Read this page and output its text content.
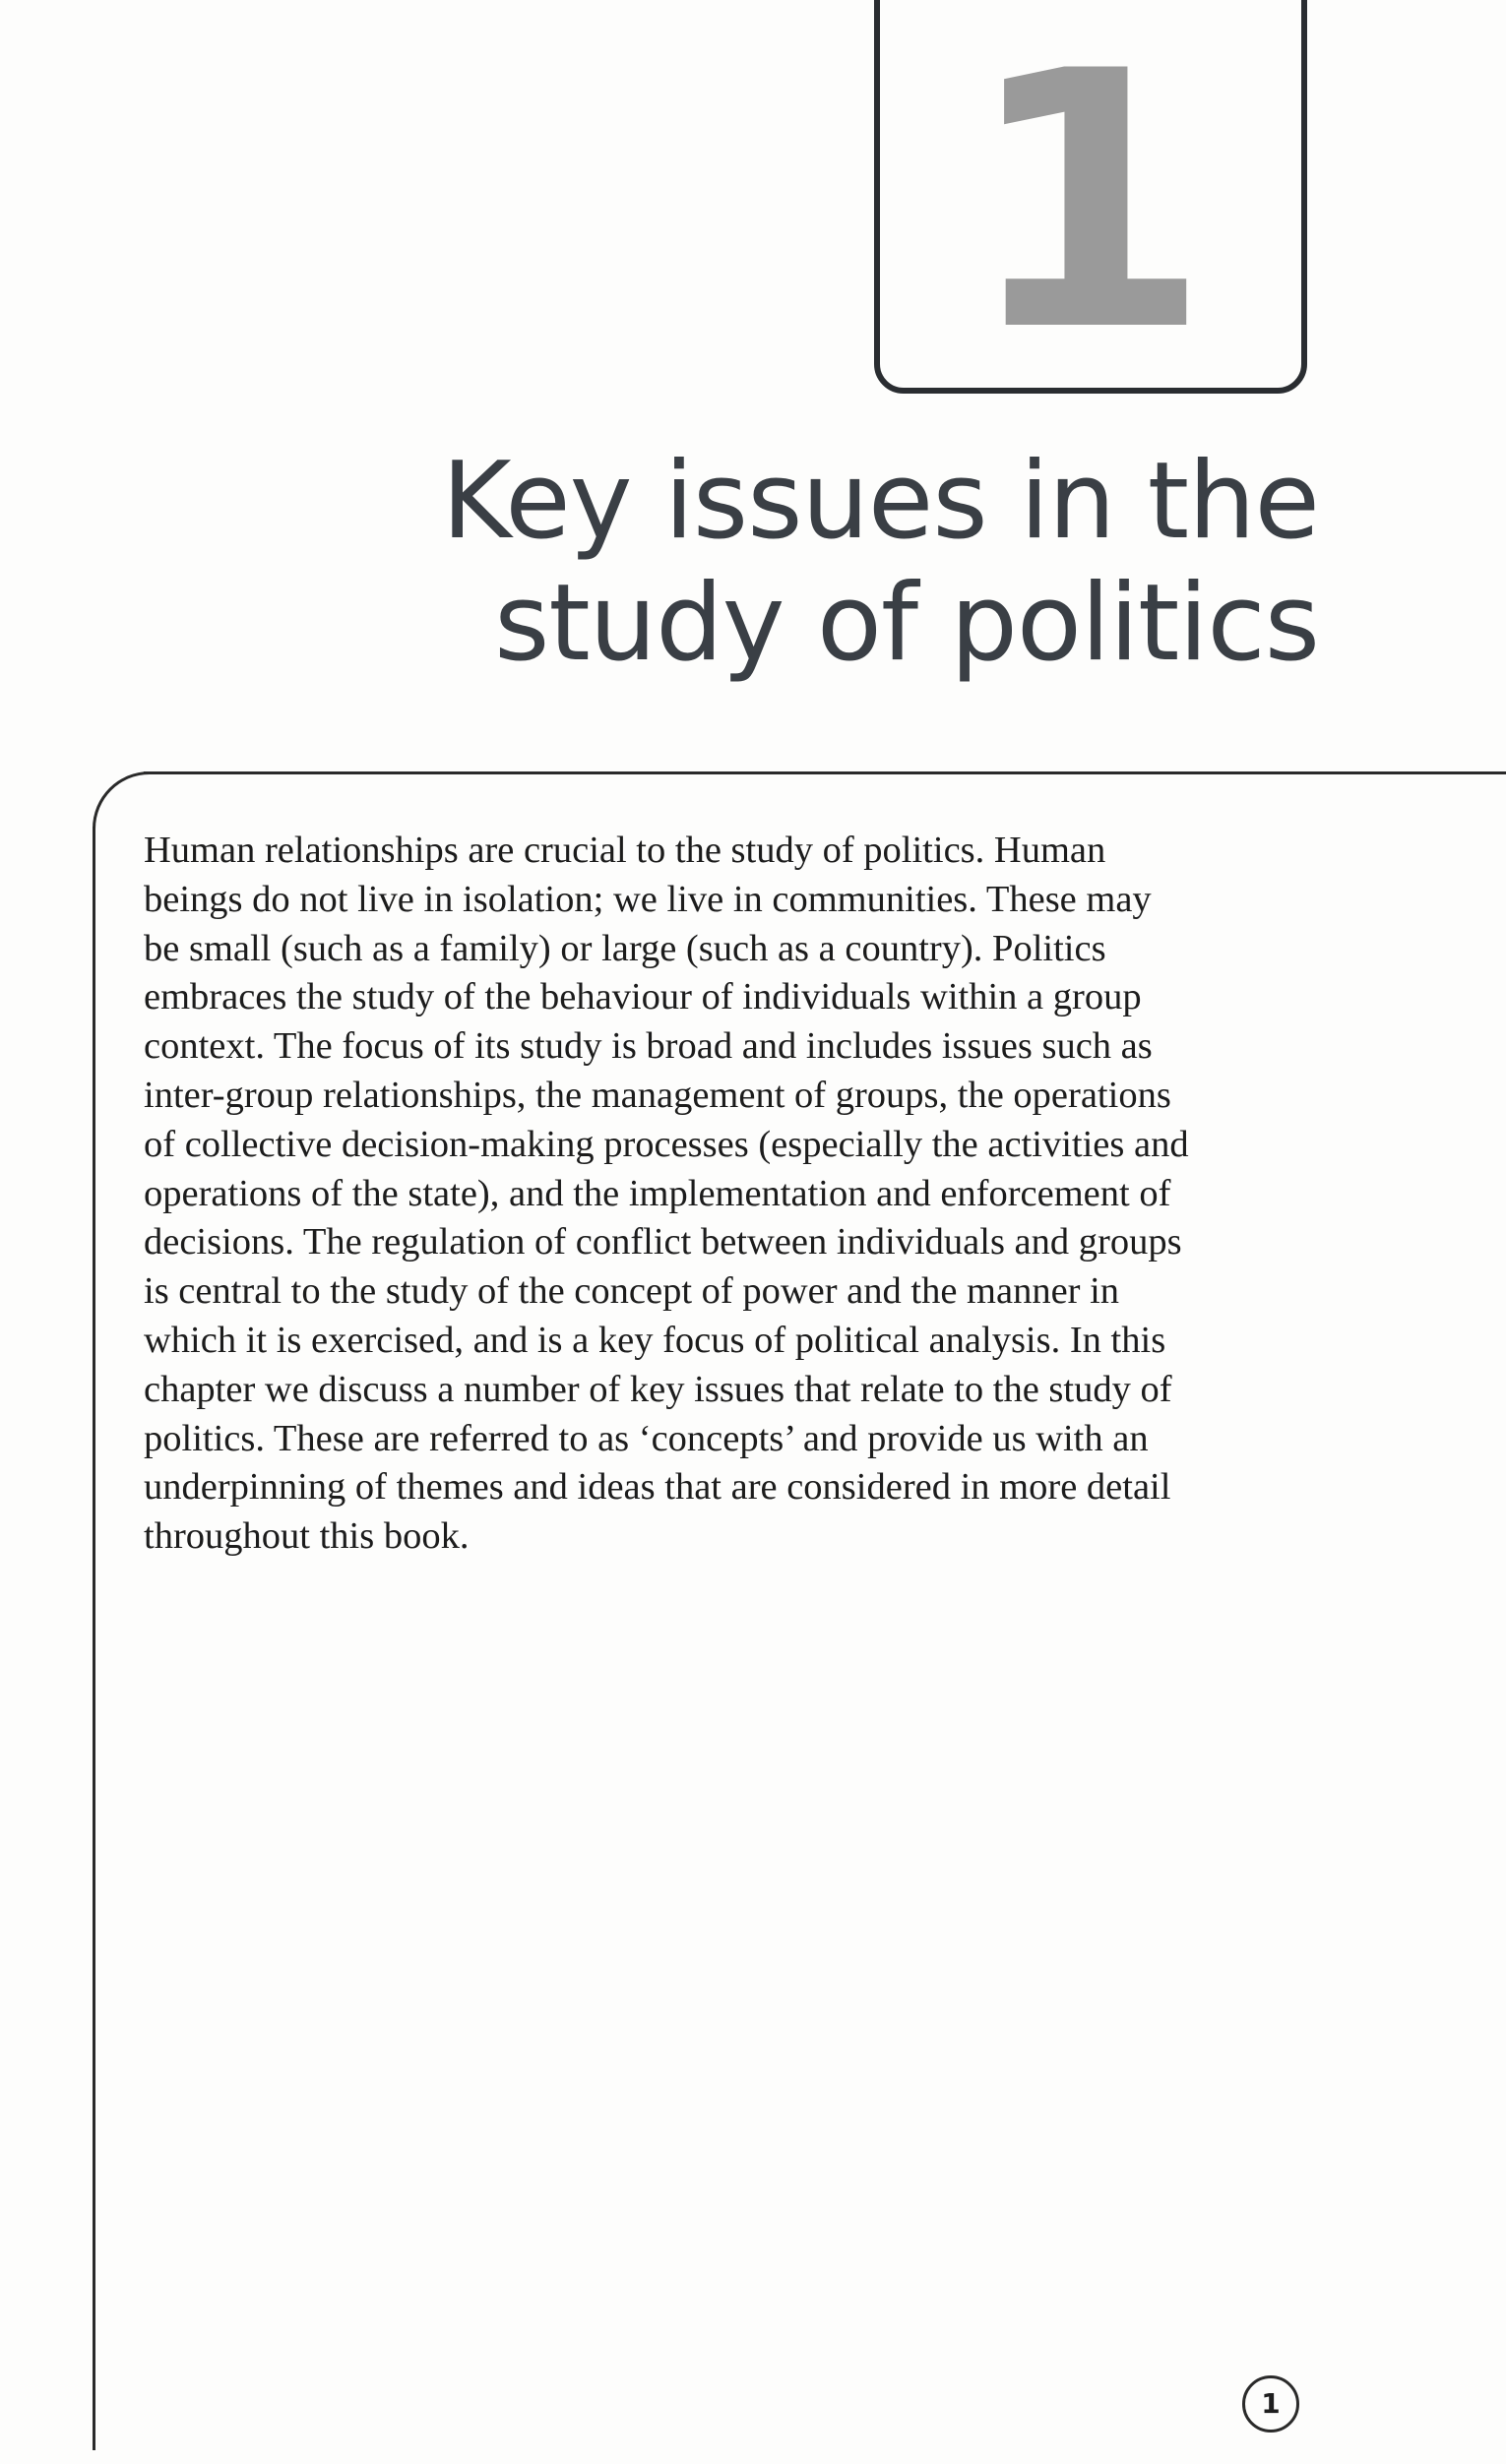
1
Key issues in the
study of politics

Human relationships are crucial to the study of politics. Human
beings do not live in isolation; we live in communities. These may
be small (such as a family) or large (such as a country). Politics
embraces the study of the behaviour of individuals within a group
context. The focus of its study is broad and includes issues such as
inter-group relationships, the management of groups, the operations
of collective decision-making processes (especially the activities and
operations of the state), and the implementation and enforcement of
decisions. The regulation of conflict between individuals and groups
is central to the study of the concept of power and the manner in
which it is exercised, and is a key focus of political analysis. In this
chapter we discuss a number of key issues that relate to the study of
politics. These are referred to as ‘concepts’ and provide us with an
underpinning of themes and ideas that are considered in more detail
throughout this book.

1
